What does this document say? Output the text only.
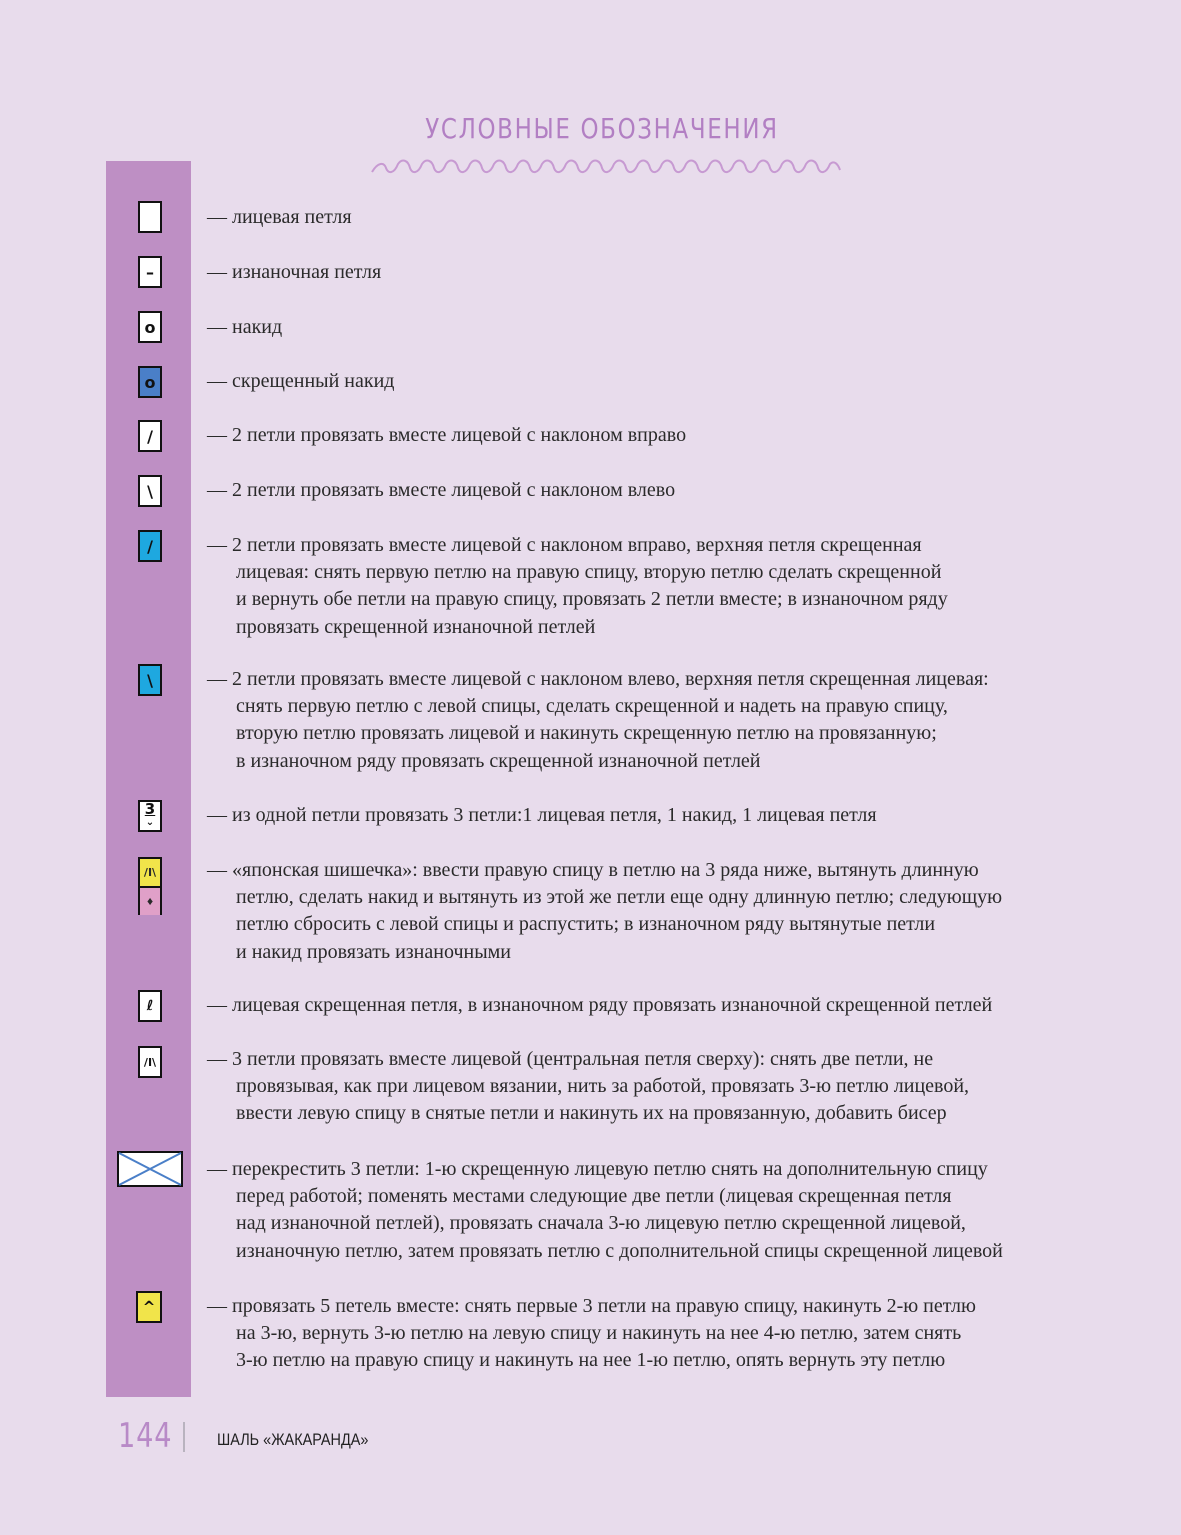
УСЛОВНЫЕ ОБОЗНАЧЕНИЯ
— лицевая петля
–	— изнаночная петля
o	— накид
o	— скрещенный накид
/	— 2 петли провязать вместе лицевой с наклоном вправо
\	— 2 петли провязать вместе лицевой с наклоном влево
/	— 2 петли провязать вместе лицевой с наклоном вправо, верхняя петля скрещенная
лицевая: снять первую петлю на правую спицу, вторую петлю сделать скрещенной
и вернуть обе петли на правую спицу, провязать 2 петли вместе; в изнаночном ряду
провязать скрещенной изнаночной петлей
\	— 2 петли провязать вместе лицевой с наклоном влево, верхняя петля скрещенная лицевая:
снять первую петлю с левой спицы, сделать скрещенной и надеть на правую спицу,
вторую петлю провязать лицевой и накинуть скрещенную петлю на провязанную;
в изнаночном ряду провязать скрещенной изнаночной петлей
3
⌄	— из одной петли провязать 3 петли:1 лицевая петля, 1 накид, 1 лицевая петля
/I\
♦
— «японская шишечка»: ввести правую спицу в петлю на 3 ряда ниже, вытянуть длинную
петлю, сделать накид и вытянуть из этой же петли еще одну длинную петлю; следующую
петлю сбросить с левой спицы и распустить; в изнаночном ряду вытянутые петли
и накид провязать изнаночными
ℓ	— лицевая скрещенная петля, в изнаночном ряду провязать изнаночной скрещенной петлей
/I\	— 3 петли провязать вместе лицевой (центральная петля сверху): снять две петли, не
провязывая, как при лицевом вязании, нить за работой, провязать 3-ю петлю лицевой,
ввести левую спицу в снятые петли и накинуть их на провязанную, добавить бисер
— перекрестить 3 петли: 1-ю скрещенную лицевую петлю снять на дополнительную спицу
перед работой; поменять местами следующие две петли (лицевая скрещенная петля
над изнаночной петлей), провязать сначала 3-ю лицевую петлю скрещенной лицевой,
изнаночную петлю, затем провязать петлю с дополнительной спицы скрещенной лицевой
^	— провязать 5 петель вместе: снять первые 3 петли на правую спицу, накинуть 2-ю петлю
на 3-ю, вернуть 3-ю петлю на левую спицу и накинуть на нее 4-ю петлю, затем снять
3-ю петлю на правую спицу и накинуть на нее 1-ю петлю, опять вернуть эту петлю
144	ШАЛЬ «ЖАКАРАНДА»
